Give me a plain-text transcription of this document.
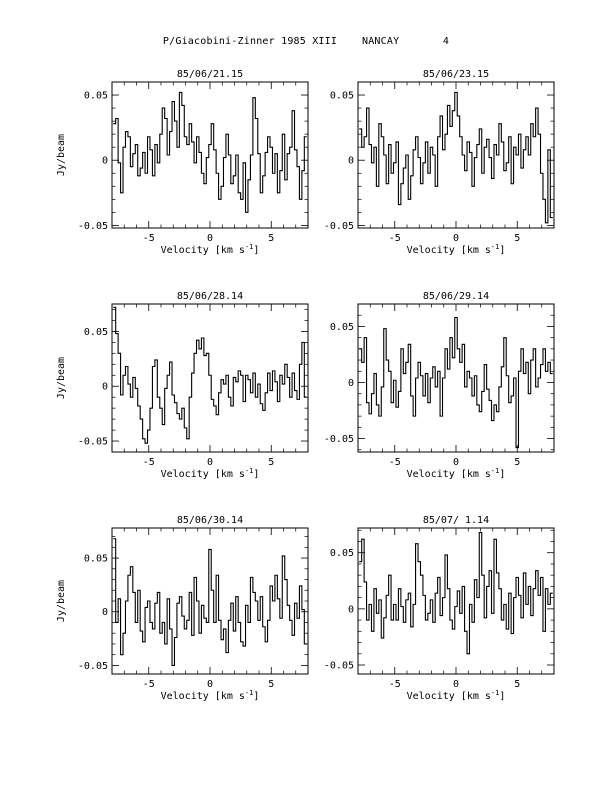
P/Giacobini-Zinner 1985 XIII NANCAY	4
85/06/21.15
-5	0	5
-0.05
0
0.05
Velocity [km $s^{-1}$]
Jy/beam
85/06/23.15
-5	0	5
-0.05
0
0.05
Velocity [km $s^{-1}$]
85/06/28.14
-5	0	5
-0.05
0
0.05
Velocity [km $s^{-1}$]
Jy/beam
85/06/29.14
-5	0	5
-0.05
0
0.05
Velocity [km $s^{-1}$]
85/06/30.14
-5	0	5
-0.05
0
0.05
Velocity [km $s^{-1}$]
Jy/beam
85/07/ 1.14
-5	0	5
-0.05
0
0.05
Velocity [km $s^{-1}$]
